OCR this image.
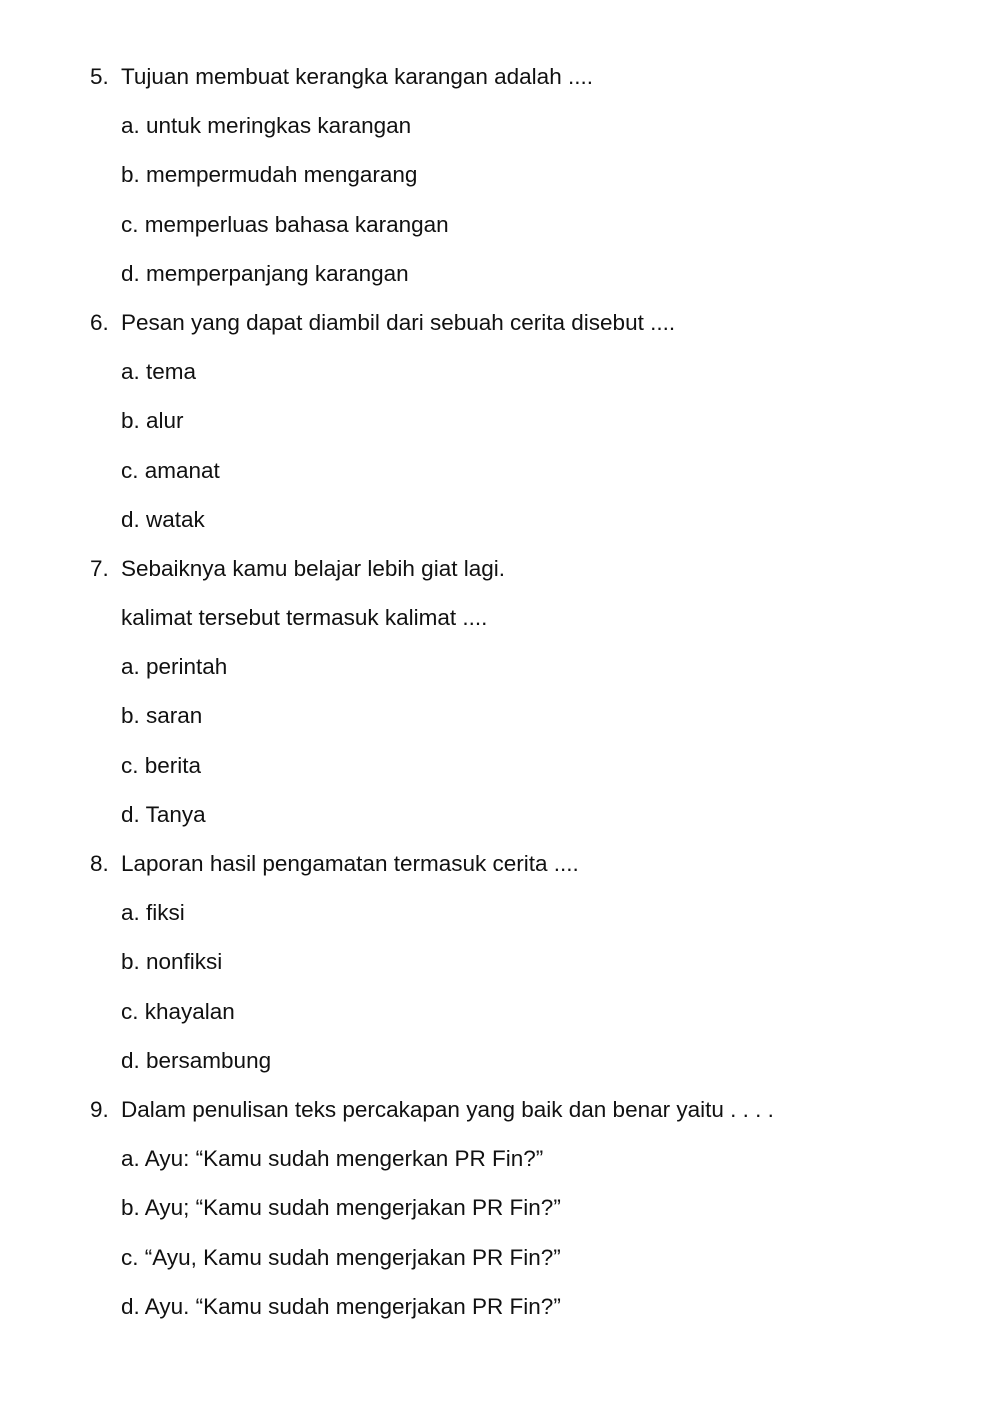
5. Tujuan membuat kerangka karangan adalah ....
a. untuk meringkas karangan
b. mempermudah mengarang
c. memperluas bahasa karangan
d. memperpanjang karangan
6. Pesan yang dapat diambil dari sebuah cerita disebut ....
a. tema
b. alur
c. amanat
d. watak
7. Sebaiknya kamu belajar lebih giat lagi.
kalimat tersebut termasuk kalimat ....
a. perintah
b. saran
c. berita
d. Tanya
8. Laporan hasil pengamatan termasuk cerita ....
a. fiksi
b. nonfiksi
c. khayalan
d. bersambung
9. Dalam penulisan teks percakapan yang baik dan benar yaitu . . . .
a. Ayu: “Kamu sudah mengerkan PR Fin?”
b. Ayu; “Kamu sudah mengerjakan PR Fin?”
c. “Ayu, Kamu sudah mengerjakan PR Fin?”
d. Ayu. “Kamu sudah mengerjakan PR Fin?”
